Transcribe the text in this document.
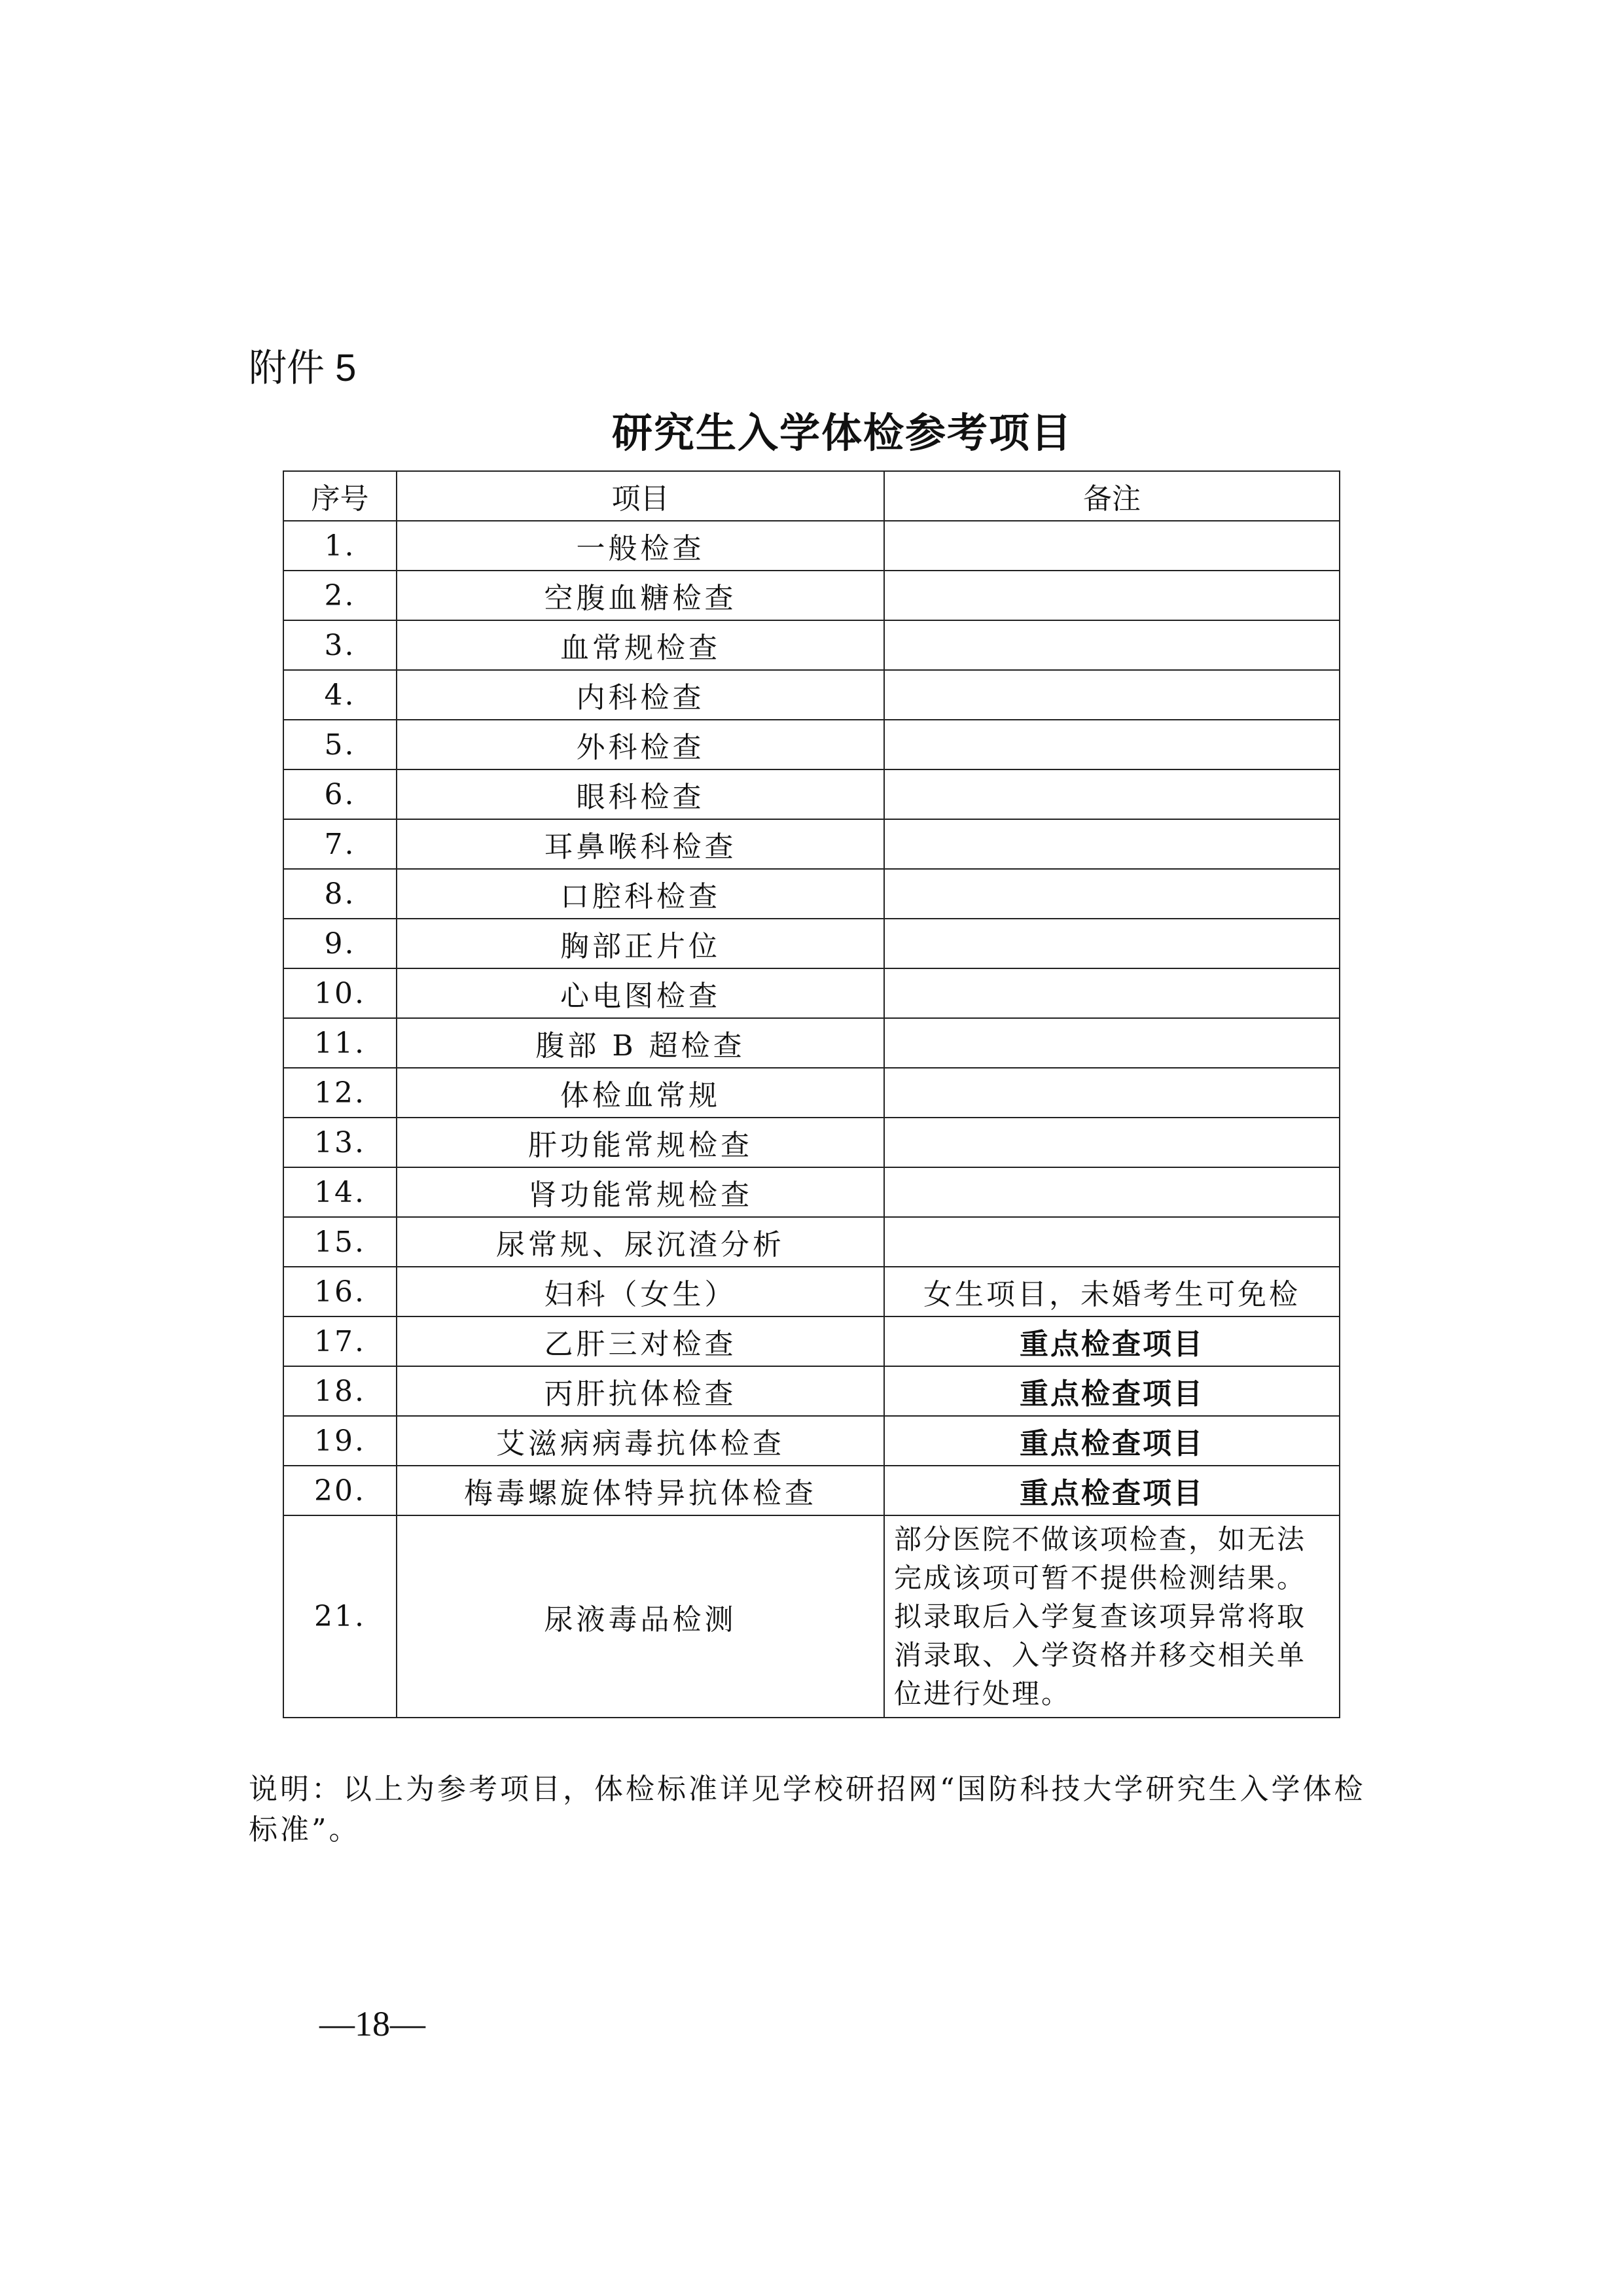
附件 5
研究生入学体检参考项目
序号	项目	备注
1.	一般检查	
2.	空腹血糖检查	
3.	血常规检查	
4.	内科检查	
5.	外科检查	
6.	眼科检查	
7.	耳鼻喉科检查	
8.	口腔科检查	
9.	胸部正片位	
10.	心电图检查	
11.	腹部 B 超检查	
12.	体检血常规	
13.	肝功能常规检查	
14.	肾功能常规检查	
15.	尿常规、尿沉渣分析	
16.	妇科（女生）	女生项目，未婚考生可免检
17.	乙肝三对检查	重点检查项目
18.	丙肝抗体检查	重点检查项目
19.	艾滋病病毒抗体检查	重点检查项目
20.	梅毒螺旋体特异抗体检查	重点检查项目
21.	尿液毒品检测	部分医院不做该项检查，如无法完成该项可暂不提供检测结果。拟录取后入学复查该项异常将取消录取、入学资格并移交相关单位进行处理。
说明：以上为参考项目，体检标准详见学校研招网“国防科技大学研究生入学体检标准”。
—18—
